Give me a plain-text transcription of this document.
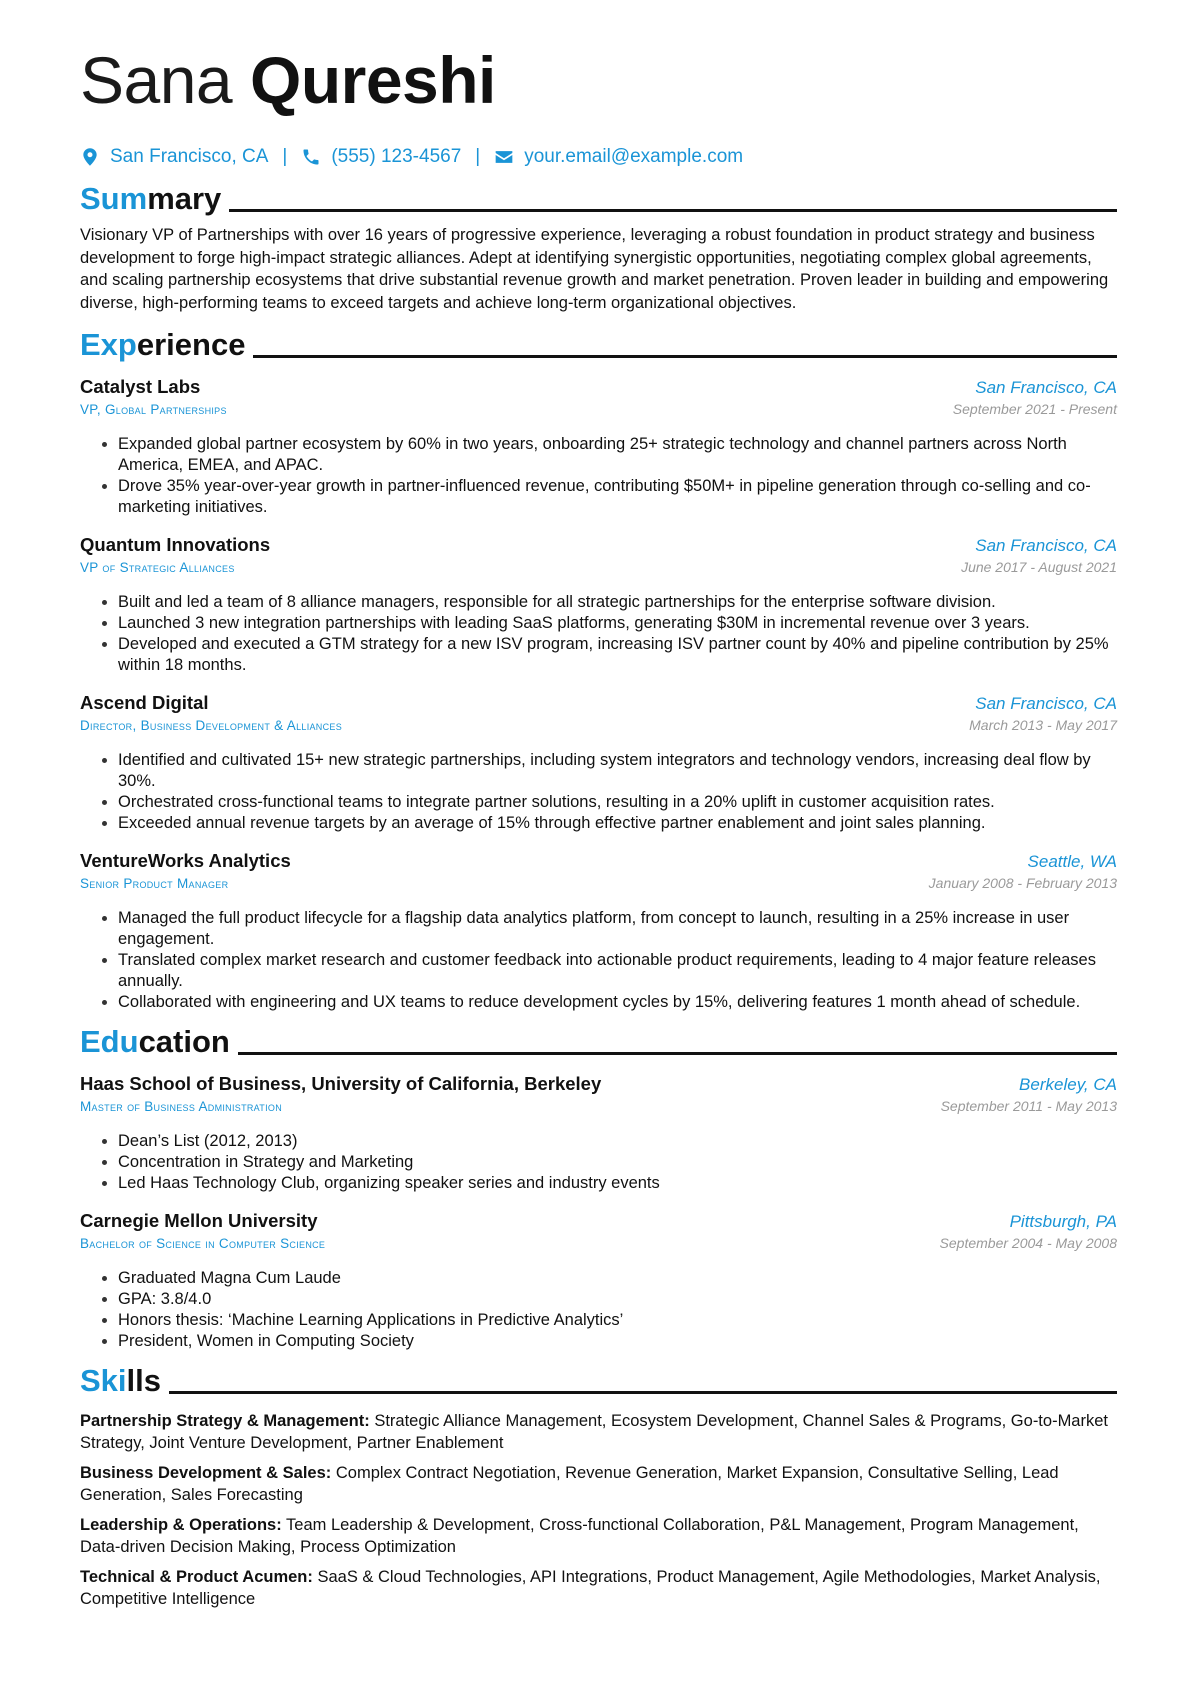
Sana Qureshi
San Francisco, CA | (555) 123-4567 | your.email@example.com
Summary
Visionary VP of Partnerships with over 16 years of progressive experience, leveraging a robust foundation in product strategy and business development to forge high-impact strategic alliances. Adept at identifying synergistic opportunities, negotiating complex global agreements, and scaling partnership ecosystems that drive substantial revenue growth and market penetration. Proven leader in building and empowering diverse, high-performing teams to exceed targets and achieve long-term organizational objectives.
Experience
Catalyst Labs	San Francisco, CA
VP, Global Partnerships	September 2021 - Present
• Expanded global partner ecosystem by 60% in two years, onboarding 25+ strategic technology and channel partners across North America, EMEA, and APAC.
• Drove 35% year-over-year growth in partner-influenced revenue, contributing $50M+ in pipeline generation through co-selling and co-marketing initiatives.
Quantum Innovations	San Francisco, CA
VP of Strategic Alliances	June 2017 - August 2021
• Built and led a team of 8 alliance managers, responsible for all strategic partnerships for the enterprise software division.
• Launched 3 new integration partnerships with leading SaaS platforms, generating $30M in incremental revenue over 3 years.
• Developed and executed a GTM strategy for a new ISV program, increasing ISV partner count by 40% and pipeline contribution by 25% within 18 months.
Ascend Digital	San Francisco, CA
Director, Business Development & Alliances	March 2013 - May 2017
• Identified and cultivated 15+ new strategic partnerships, including system integrators and technology vendors, increasing deal flow by 30%.
• Orchestrated cross-functional teams to integrate partner solutions, resulting in a 20% uplift in customer acquisition rates.
• Exceeded annual revenue targets by an average of 15% through effective partner enablement and joint sales planning.
VentureWorks Analytics	Seattle, WA
Senior Product Manager	January 2008 - February 2013
• Managed the full product lifecycle for a flagship data analytics platform, from concept to launch, resulting in a 25% increase in user engagement.
• Translated complex market research and customer feedback into actionable product requirements, leading to 4 major feature releases annually.
• Collaborated with engineering and UX teams to reduce development cycles by 15%, delivering features 1 month ahead of schedule.
Education
Haas School of Business, University of California, Berkeley	Berkeley, CA
Master of Business Administration	September 2011 - May 2013
• Dean’s List (2012, 2013)
• Concentration in Strategy and Marketing
• Led Haas Technology Club, organizing speaker series and industry events
Carnegie Mellon University	Pittsburgh, PA
Bachelor of Science in Computer Science	September 2004 - May 2008
• Graduated Magna Cum Laude
• GPA: 3.8/4.0
• Honors thesis: ‘Machine Learning Applications in Predictive Analytics’
• President, Women in Computing Society
Skills
Partnership Strategy & Management: Strategic Alliance Management, Ecosystem Development, Channel Sales & Programs, Go-to-Market Strategy, Joint Venture Development, Partner Enablement
Business Development & Sales: Complex Contract Negotiation, Revenue Generation, Market Expansion, Consultative Selling, Lead Generation, Sales Forecasting
Leadership & Operations: Team Leadership & Development, Cross-functional Collaboration, P&L Management, Program Management, Data-driven Decision Making, Process Optimization
Technical & Product Acumen: SaaS & Cloud Technologies, API Integrations, Product Management, Agile Methodologies, Market Analysis, Competitive Intelligence
